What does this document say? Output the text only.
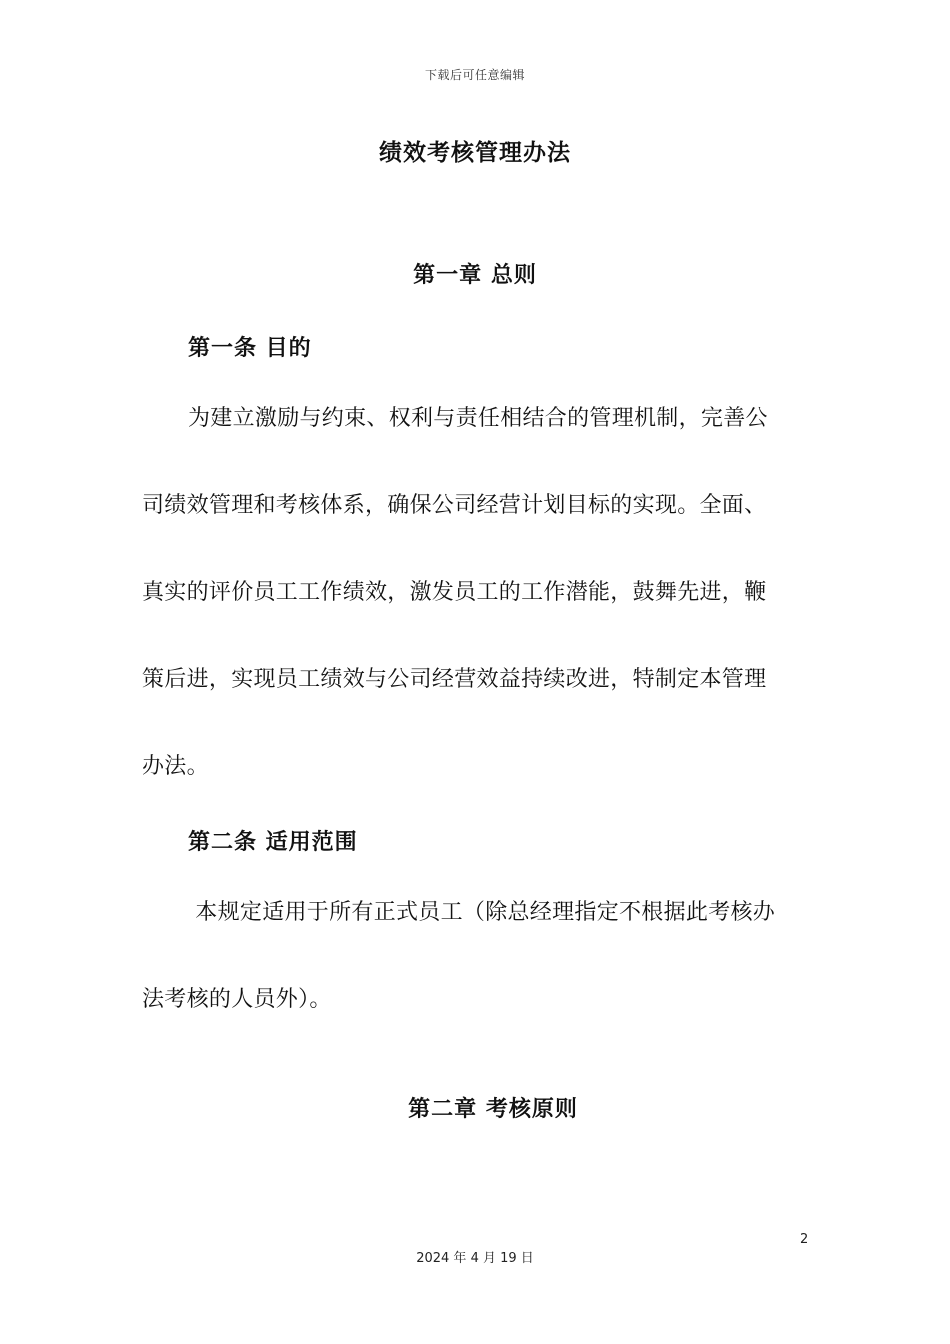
下载后可任意编辑
绩效考核管理办法
第一章 总则
第一条 目的
为建立激励与约束、权利与责任相结合的管理机制，完善公
司绩效管理和考核体系，确保公司经营计划目标的实现。全面、
真实的评价员工工作绩效，激发员工的工作潜能，鼓舞先进，鞭
策后进，实现员工绩效与公司经营效益持续改进，特制定本管理
办法。
第二条 适用范围
本规定适用于所有正式员工（除总经理指定不根据此考核办
法考核的人员外）。
第二章 考核原则
2
2024 年 4 月 19 日
